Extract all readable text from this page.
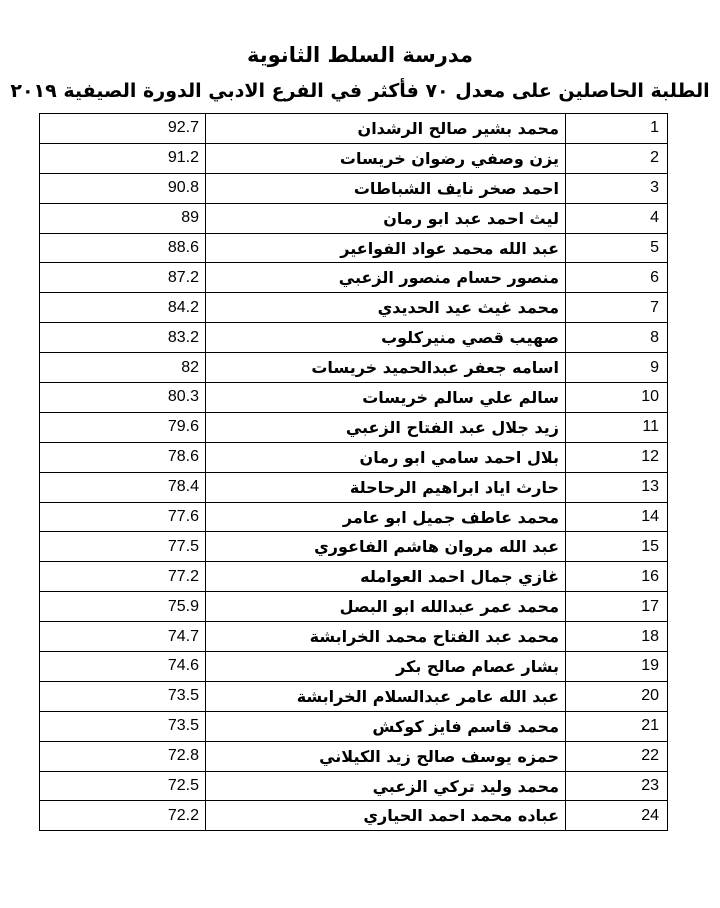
مدرسة السلط الثانوية
الطلبة الحاصلين على معدل ٧٠ فأكثر في الفرع الادبي الدورة الصيفية ٢٠١٩
92.7	محمد بشير صالح الرشدان	1
91.2	يزن وصفي رضوان خريسات	2
90.8	احمد صخر نايف الشباطات	3
89	ليث احمد عبد ابو رمان	4
88.6	عبد الله محمد عواد الفواعير	5
87.2	منصور حسام منصور الزعبي	6
84.2	محمد غيث عيد الحديدي	7
83.2	صهيب قصي منيركلوب	8
82	اسامه جعفر عبدالحميد خريسات	9
80.3	سالم علي سالم خريسات	10
79.6	زيد جلال عبد الفتاح الزعبي	11
78.6	بلال احمد سامي ابو رمان	12
78.4	حارث اياد ابراهيم الرحاحلة	13
77.6	محمد عاطف جميل ابو عامر	14
77.5	عبد الله مروان هاشم الفاعوري	15
77.2	غازي جمال احمد العوامله	16
75.9	محمد عمر عبدالله ابو البصل	17
74.7	محمد عبد الفتاح محمد الخرابشة	18
74.6	بشار عصام صالح بكر	19
73.5	عبد الله عامر عبدالسلام الخرابشة	20
73.5	محمد قاسم فايز كوكش	21
72.8	حمزه يوسف صالح زيد الكيلاني	22
72.5	محمد وليد تركي الزعبي	23
72.2	عباده محمد احمد الحياري	24
